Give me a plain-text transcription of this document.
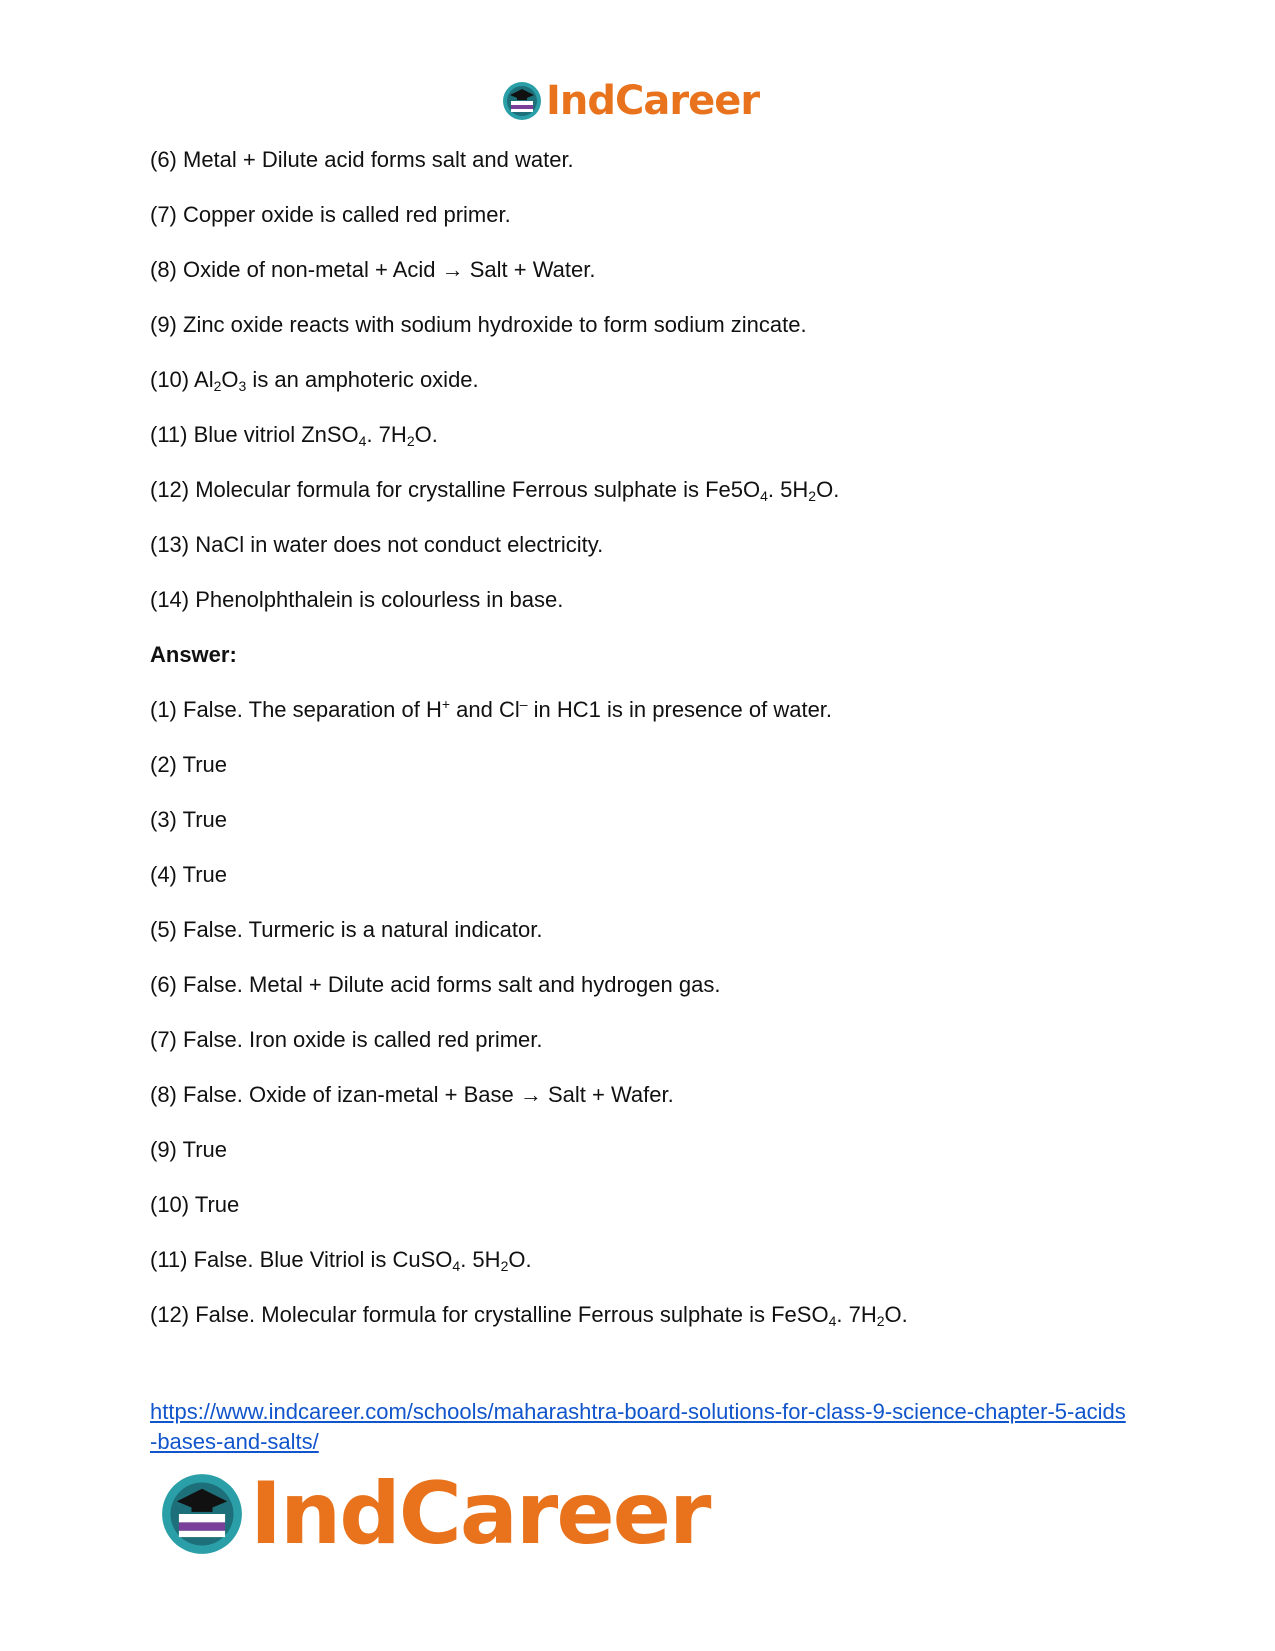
IndCareer
(6) Metal + Dilute acid forms salt and water.
(7) Copper oxide is called red primer.
(8) Oxide of non-metal + Acid → Salt + Water.
(9) Zinc oxide reacts with sodium hydroxide to form sodium zincate.
(10) $Al_2O_3$ is an amphoteric oxide.
(11) Blue vitriol ZnSO$_4$. $7H_2O$.
(12) Molecular formula for crystalline Ferrous sulphate is $Fe5O_4$. $5H_2O$.
(13) NaCl in water does not conduct electricity.
(14) Phenolphthalein is colourless in base.
Answer:
(1) False. The separation of H+ and Cl– in HC1 is in presence of water.
(2) True
(3) True
(4) True
(5) False. Turmeric is a natural indicator.
(6) False. Metal + Dilute acid forms salt and hydrogen gas.
(7) False. Iron oxide is called red primer.
(8) False. Oxide of izan-metal + Base → Salt + Wafer.
(9) True
(10) True
(11) False. Blue Vitriol is CuSO$_4$. $5H_2O$.
(12) False. Molecular formula for crystalline Ferrous sulphate is FeSO$_4$. $7H_2O$.
https://www.indcareer.com/schools/maharashtra-board-solutions-for-class-9-science-chapter-5-acids-bases-and-salts/
IndCareer
